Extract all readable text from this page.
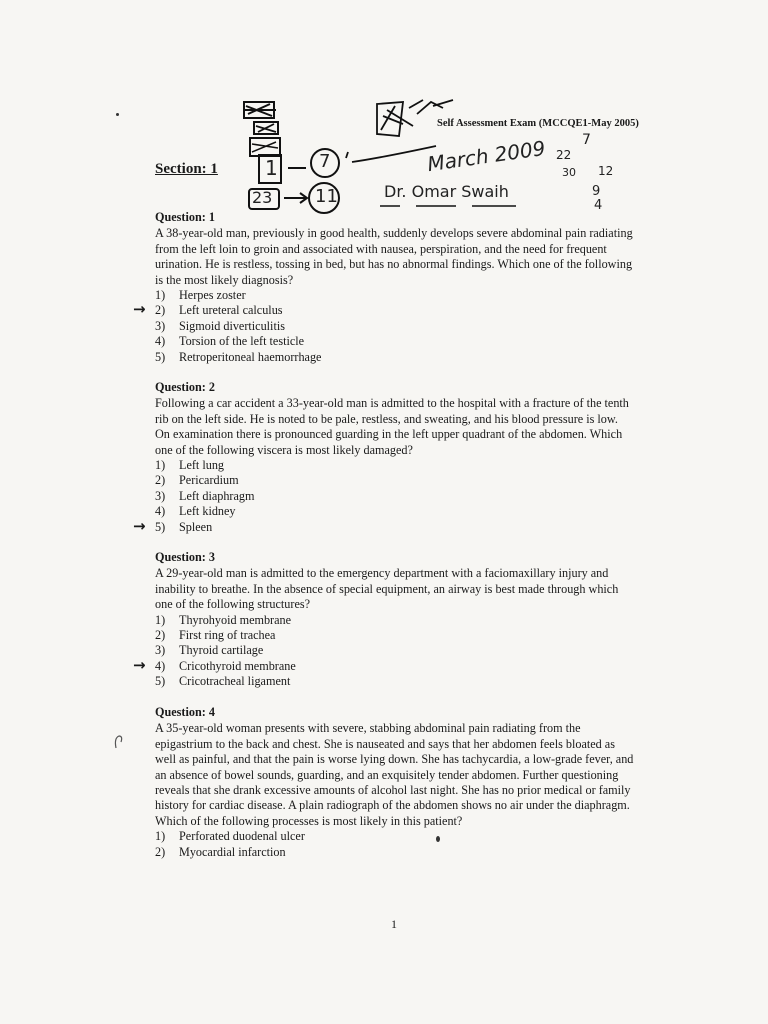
Self Assessment Exam (MCCQE1-May 2005)
Section: 1 1 7	March 2009	7
22
30 12
23 11	Dr. Omar Swaih	9
4
Question: 1

A 38-year-old man, previously in good health, suddenly develops severe abdominal pain radiating from the left loin to groin and associated with nausea, perspiration, and the need for frequent urination. He is restless, tossing in bed, but has no abnormal findings. Which one of the following is the most likely diagnosis?

1) Herpes zoster
→ 2) Left ureteral calculus
3) Sigmoid diverticulitis
4) Torsion of the left testicle
5) Retroperitoneal haemorrhage
Question: 2

Following a car accident a 33-year-old man is admitted to the hospital with a fracture of the tenth rib on the left side. He is noted to be pale, restless, and sweating, and his blood pressure is low. On examination there is pronounced guarding in the left upper quadrant of the abdomen. Which one of the following viscera is most likely damaged?

1) Left lung
2) Pericardium
3) Left diaphragm
4) Left kidney
→ 5) Spleen
Question: 3

A 29-year-old man is admitted to the emergency department with a faciomaxillary injury and inability to breathe. In the absence of special equipment, an airway is best made through which one of the following structures?

1) Thyrohyoid membrane
2) First ring of trachea
3) Thyroid cartilage
→ 4) Cricothyroid membrane
5) Cricotracheal ligament
Question: 4

A 35-year-old woman presents with severe, stabbing abdominal pain radiating from the epigastrium to the back and chest. She is nauseated and says that her abdomen feels bloated as well as painful, and that the pain is worse lying down. She has tachycardia, a low-grade fever, and an absence of bowel sounds, guarding, and an exquisitely tender abdomen. Further questioning reveals that she drank excessive amounts of alcohol last night. She has no prior medical or family history for cardiac disease. A plain radiograph of the abdomen shows no air under the diaphragm. Which of the following processes is most likely in this patient?

1) Perforated duodenal ulcer
2) Myocardial infarction
1
